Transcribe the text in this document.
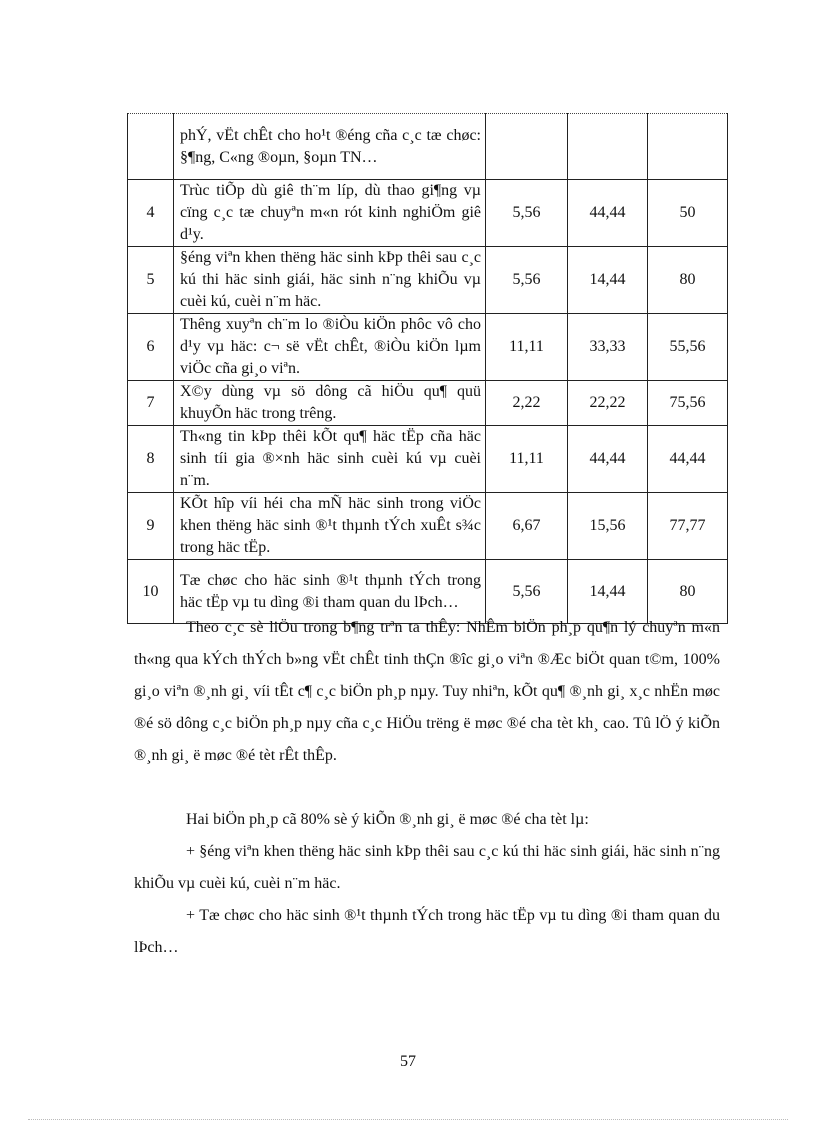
	phÝ, vËt chÊt cho ho¹t ®éng cña c¸c tæ chøc: §¶ng, C«ng ®oµn, §oµn TN…			
4	Trùc tiÕp dù giê th¨m líp, dù thao gi¶ng vµ cïng c¸c tæ chuyªn m«n rót kinh nghiÖm giê d¹y.	5,56	44,44	50
5	§éng viªn khen thëng häc sinh kÞp thêi sau c¸c kú thi häc sinh giái, häc sinh n¨ng khiÕu vµ cuèi kú, cuèi n¨m häc.	5,56	14,44	80
6	Thêng xuyªn ch¨m lo ®iÒu kiÖn phôc vô cho d¹y vµ häc: c¬ së vËt chÊt, ®iÒu kiÖn lµm viÖc cña gi¸o viªn.	11,11	33,33	55,56
7	X©y dùng vµ sö dông cã hiÖu qu¶ quü khuyÕn häc trong trêng.	2,22	22,22	75,56
8	Th«ng tin kÞp thêi kÕt qu¶ häc tËp cña häc sinh tíi gia ®×nh häc sinh cuèi kú vµ cuèi n¨m.	11,11	44,44	44,44
9	KÕt hîp víi héi cha mÑ häc sinh trong viÖc khen thëng häc sinh ®¹t thµnh tÝch xuÊt s¾c trong häc tËp.	6,67	15,56	77,77
10	Tæ chøc cho häc sinh ®¹t thµnh tÝch trong häc tËp vµ tu dìng ®i tham quan du lÞch…	5,56	14,44	80

Theo c¸c sè liÖu trong b¶ng trªn ta thÊy: NhÊm biÖn ph¸p qu¶n lý chuyªn m«n th«ng qua kÝch thÝch b»ng vËt chÊt tinh thÇn ®îc gi¸o viªn ®Æc biÖt quan t©m, 100% gi¸o viªn ®¸nh gi¸ víi tÊt c¶ c¸c biÖn ph¸p nµy. Tuy nhiªn, kÕt qu¶ ®¸nh gi¸ x¸c nhËn møc ®é sö dông c¸c biÖn ph¸p nµy cña c¸c HiÖu trëng ë møc ®é cha tèt kh¸ cao. Tû lÖ ý kiÕn ®¸nh gi¸ ë møc ®é tèt rÊt thÊp.

Hai biÖn ph¸p cã 80% sè ý kiÕn ®¸nh gi¸ ë møc ®é cha tèt lµ:

+ §éng viªn khen thëng häc sinh kÞp thêi sau c¸c kú thi häc sinh giái, häc sinh n¨ng khiÕu vµ cuèi kú, cuèi n¨m häc.

+ Tæ chøc cho häc sinh ®¹t thµnh tÝch trong häc tËp vµ tu dìng ®i tham quan du lÞch…

57
